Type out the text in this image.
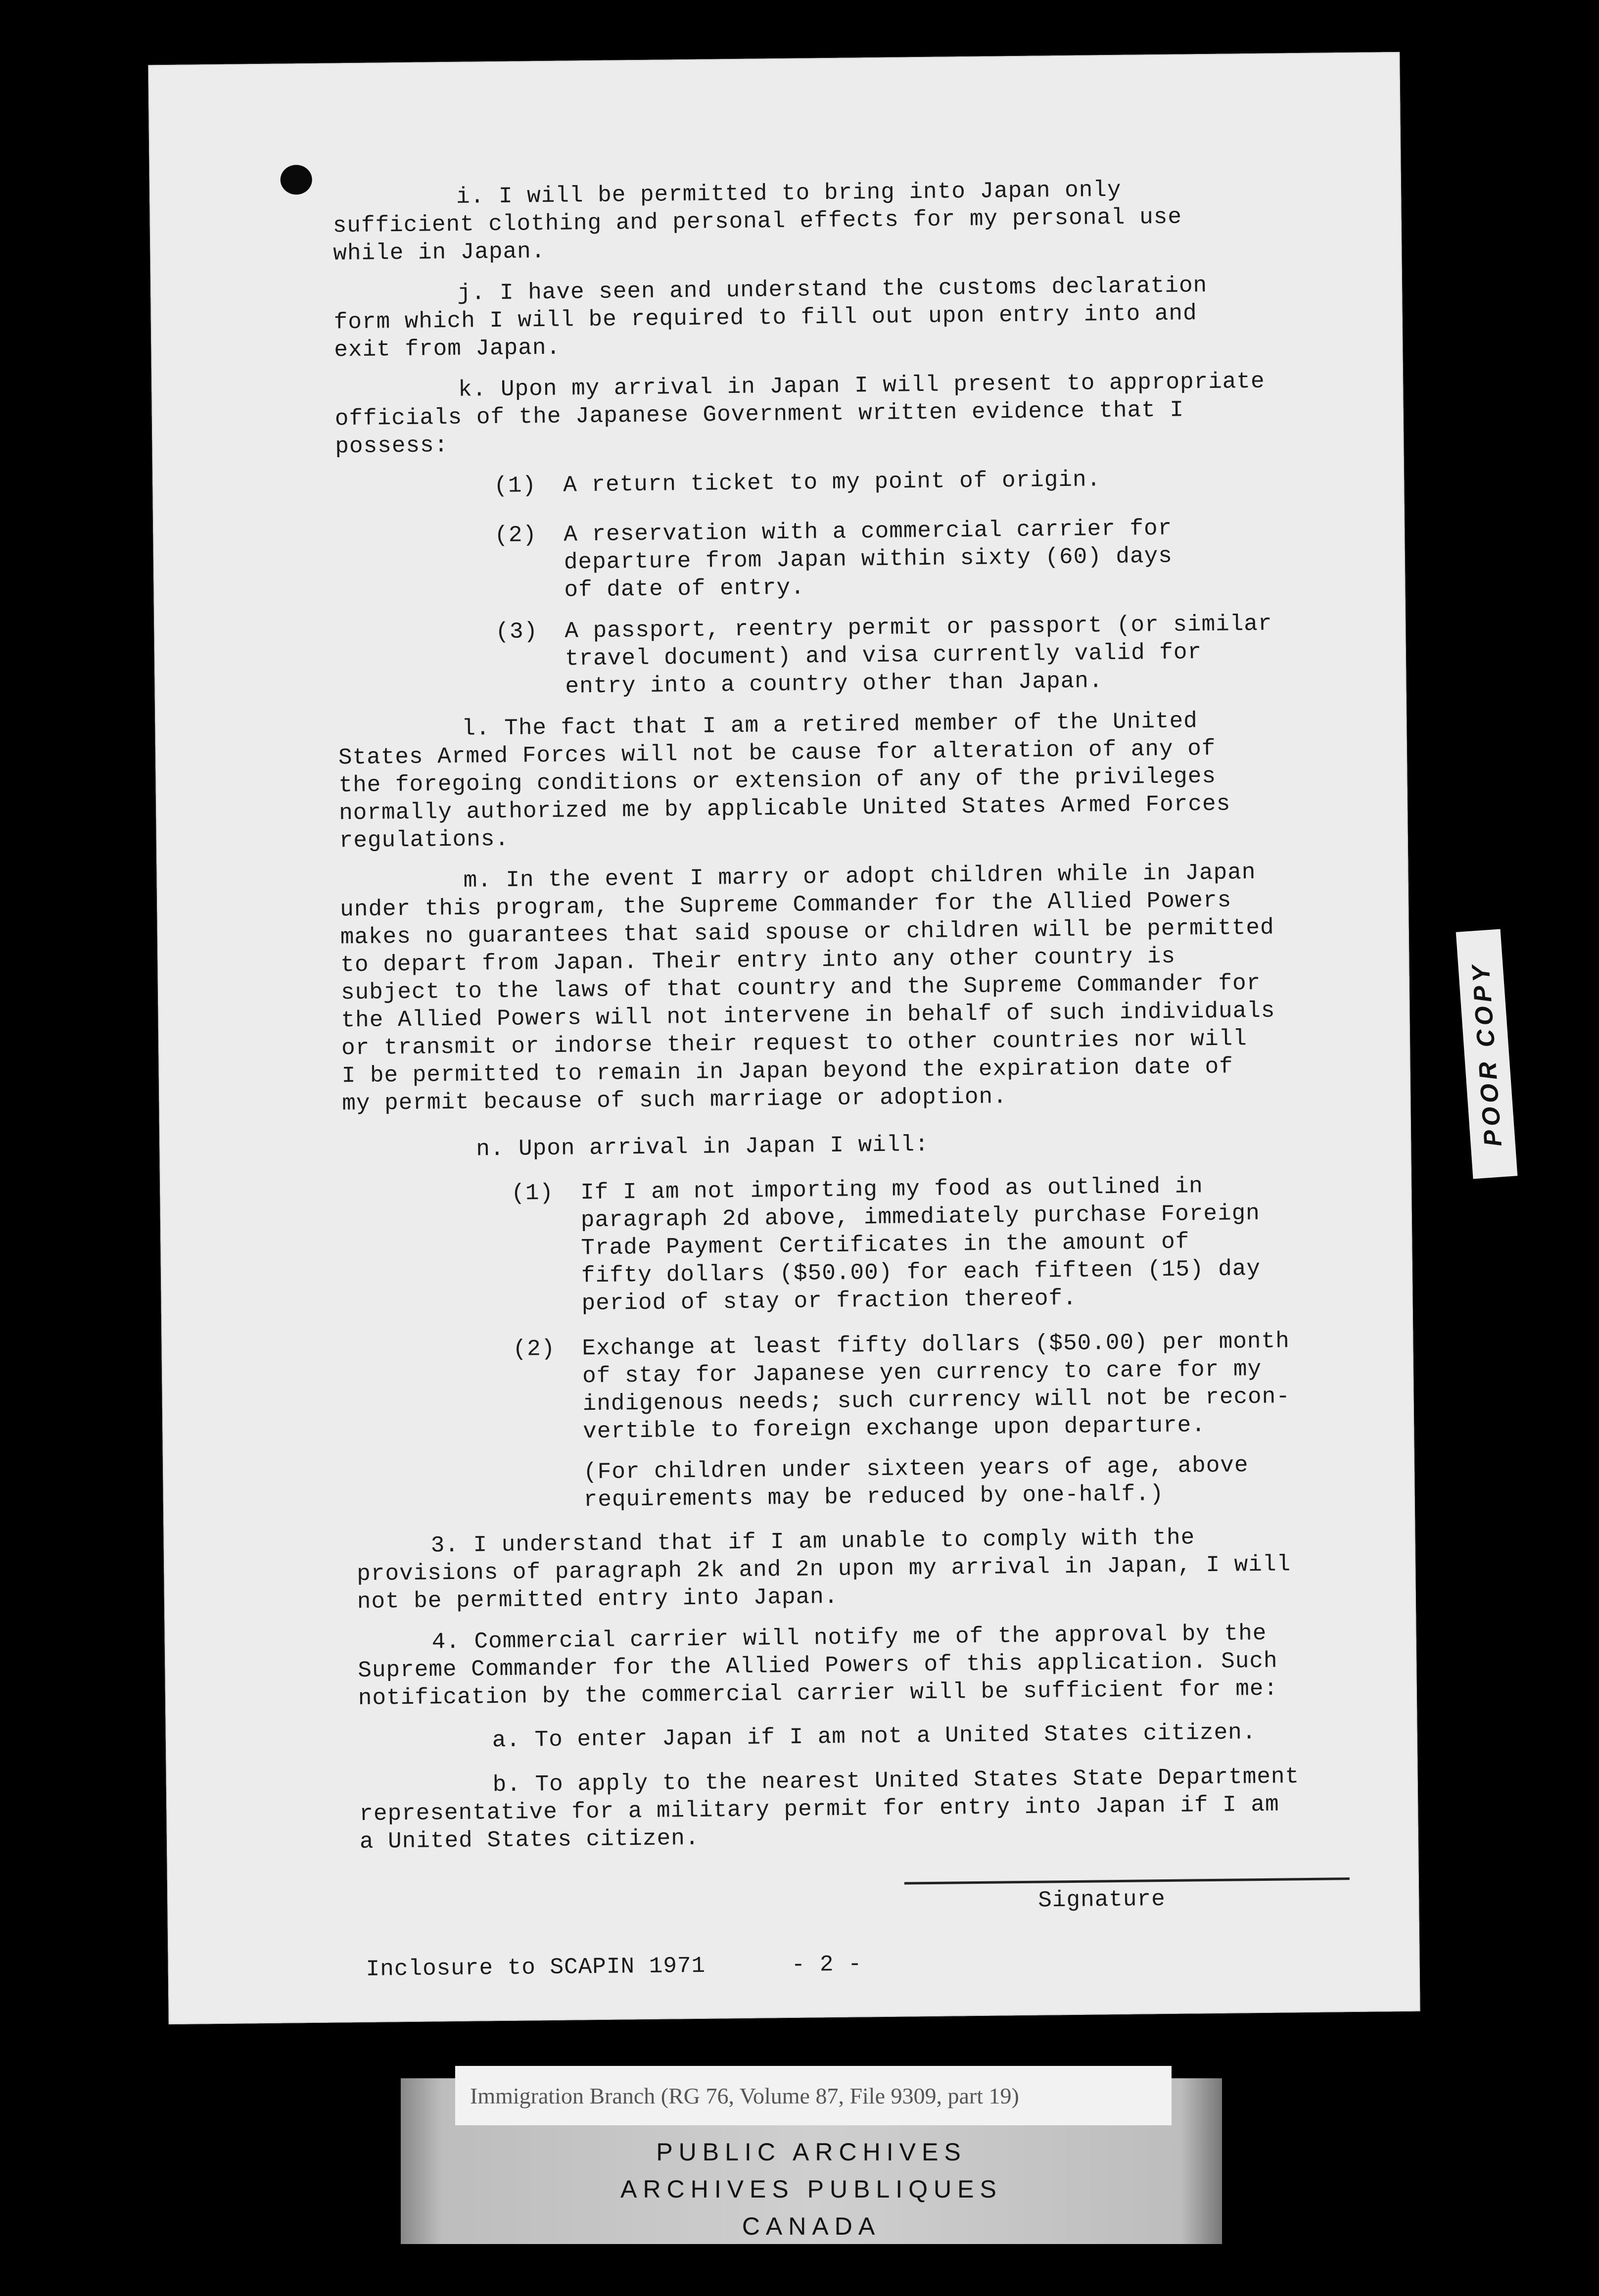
i. I will be permitted to bring into Japan only
sufficient clothing and personal effects for my personal use
while in Japan.
j. I have seen and understand the customs declaration
form which I will be required to fill out upon entry into and
exit from Japan.
k. Upon my arrival in Japan I will present to appropriate
officials of the Japanese Government written evidence that I
possess:
(1) A return ticket to my point of origin.
(2) A reservation with a commercial carrier for
departure from Japan within sixty (60) days
of date of entry.
(3) A passport, reentry permit or passport (or similar
travel document) and visa currently valid for
entry into a country other than Japan.
l. The fact that I am a retired member of the United
States Armed Forces will not be cause for alteration of any of
the foregoing conditions or extension of any of the privileges
normally authorized me by applicable United States Armed Forces
regulations.
m. In the event I marry or adopt children while in Japan
under this program, the Supreme Commander for the Allied Powers
makes no guarantees that said spouse or children will be permitted
to depart from Japan. Their entry into any other country is
subject to the laws of that country and the Supreme Commander for
the Allied Powers will not intervene in behalf of such individuals
or transmit or indorse their request to other countries nor will
I be permitted to remain in Japan beyond the expiration date of
my permit because of such marriage or adoption.
n. Upon arrival in Japan I will:
(1) If I am not importing my food as outlined in
paragraph 2d above, immediately purchase Foreign
Trade Payment Certificates in the amount of
fifty dollars ($50.00) for each fifteen (15) day
period of stay or fraction thereof.
(2) Exchange at least fifty dollars ($50.00) per month
of stay for Japanese yen currency to care for my
indigenous needs; such currency will not be recon-
vertible to foreign exchange upon departure.
(For children under sixteen years of age, above
requirements may be reduced by one-half.)
3. I understand that if I am unable to comply with the
provisions of paragraph 2k and 2n upon my arrival in Japan, I will
not be permitted entry into Japan.
4. Commercial carrier will notify me of the approval by the
Supreme Commander for the Allied Powers of this application. Such
notification by the commercial carrier will be sufficient for me:
a. To enter Japan if I am not a United States citizen.
b. To apply to the nearest United States State Department
representative for a military permit for entry into Japan if I am
a United States citizen.
Signature
Inclosure to SCAPIN 1971	- 2 -
POOR COPY
PUBLIC ARCHIVES
ARCHIVES PUBLIQUES
CANADA
Immigration Branch (RG 76, Volume 87, File 9309, part 19)
